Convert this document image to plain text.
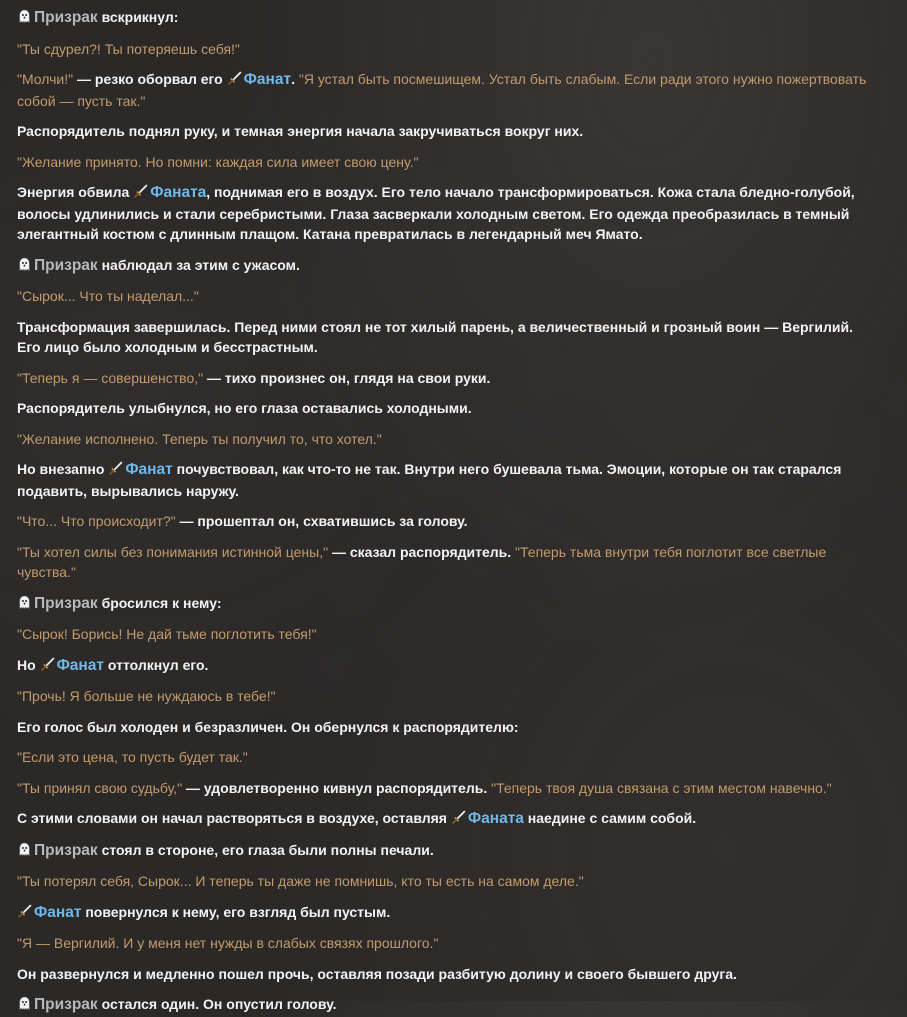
Призрак вскрикнул:

"Ты сдурел?! Ты потеряешь себя!"

"Молчи!" — резко оборвал его Фанат. "Я устал быть посмешищем. Устал быть слабым. Если ради этого нужно пожертвовать собой — пусть так."

Распорядитель поднял руку, и темная энергия начала закручиваться вокруг них.

"Желание принято. Но помни: каждая сила имеет свою цену."

Энергия обвила Фаната, поднимая его в воздух. Его тело начало трансформироваться. Кожа стала бледно-голубой, волосы удлинились и стали серебристыми. Глаза засверкали холодным светом. Его одежда преобразилась в темный элегантный костюм с длинным плащом. Катана превратилась в легендарный меч Ямато.

Призрак наблюдал за этим с ужасом.

"Сырок... Что ты наделал..."

Трансформация завершилась. Перед ними стоял не тот хилый парень, а величественный и грозный воин — Вергилий. Его лицо было холодным и бесстрастным.

"Теперь я — совершенство," — тихо произнес он, глядя на свои руки.

Распорядитель улыбнулся, но его глаза оставались холодными.

"Желание исполнено. Теперь ты получил то, что хотел."

Но внезапно Фанат почувствовал, как что-то не так. Внутри него бушевала тьма. Эмоции, которые он так старался подавить, вырывались наружу.

"Что... Что происходит?" — прошептал он, схватившись за голову.

"Ты хотел силы без понимания истинной цены," — сказал распорядитель. "Теперь тьма внутри тебя поглотит все светлые чувства."

Призрак бросился к нему:

"Сырок! Борись! Не дай тьме поглотить тебя!"

Но Фанат оттолкнул его.

"Прочь! Я больше не нуждаюсь в тебе!"

Его голос был холоден и безразличен. Он обернулся к распорядителю:

"Если это цена, то пусть будет так."

"Ты принял свою судьбу," — удовлетворенно кивнул распорядитель. "Теперь твоя душа связана с этим местом навечно."

С этими словами он начал растворяться в воздухе, оставляя Фаната наедине с самим собой.

Призрак стоял в стороне, его глаза были полны печали.

"Ты потерял себя, Сырок... И теперь ты даже не помнишь, кто ты есть на самом деле."

Фанат повернулся к нему, его взгляд был пустым.

"Я — Вергилий. И у меня нет нужды в слабых связях прошлого."

Он развернулся и медленно пошел прочь, оставляя позади разбитую долину и своего бывшего друга.

Призрак остался один. Он опустил голову.
